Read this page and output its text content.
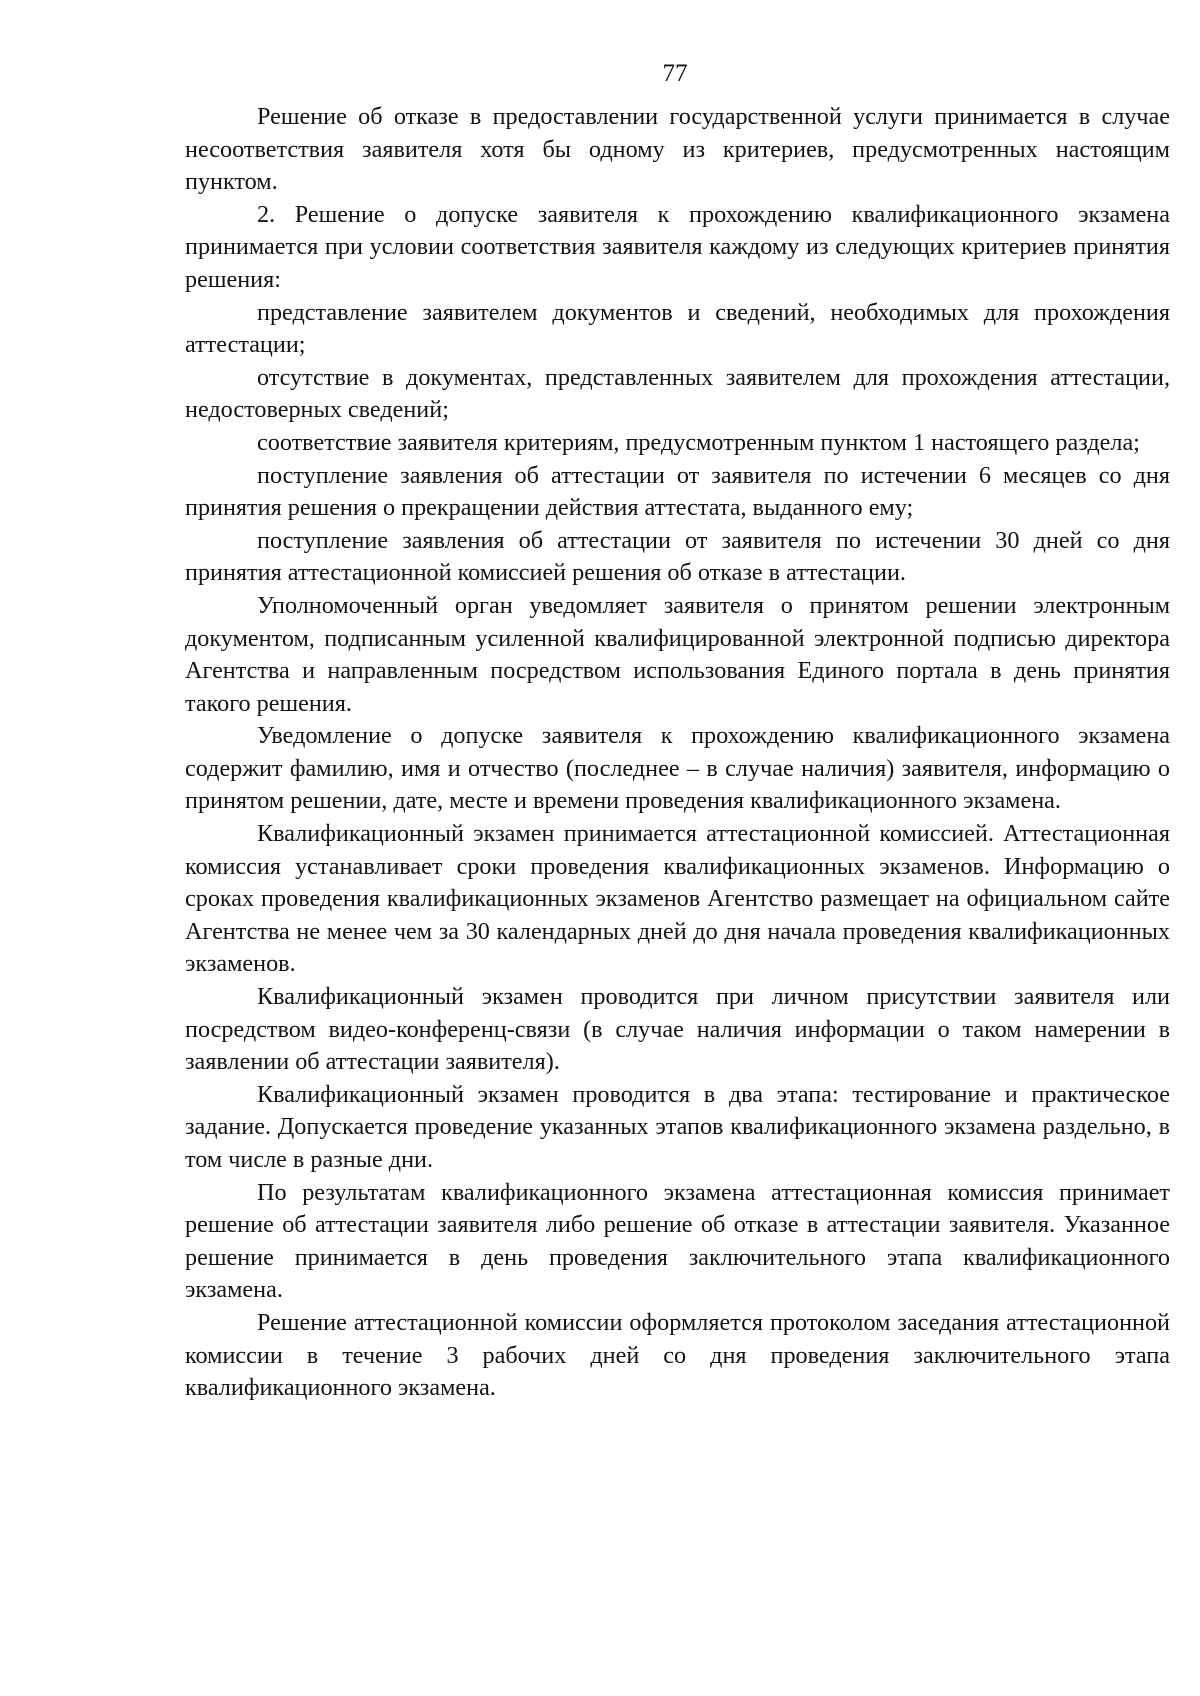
77

Решение об отказе в предоставлении государственной услуги принимается в случае несоответствия заявителя хотя бы одному из критериев, предусмотренных настоящим пунктом.

2. Решение о допуске заявителя к прохождению квалификационного экзамена принимается при условии соответствия заявителя каждому из следующих критериев принятия решения:

представление заявителем документов и сведений, необходимых для прохождения аттестации;

отсутствие в документах, представленных заявителем для прохождения аттестации, недостоверных сведений;

соответствие заявителя критериям, предусмотренным пунктом 1 настоящего раздела;

поступление заявления об аттестации от заявителя по истечении 6 месяцев со дня принятия решения о прекращении действия аттестата, выданного ему;

поступление заявления об аттестации от заявителя по истечении 30 дней со дня принятия аттестационной комиссией решения об отказе в аттестации.

Уполномоченный орган уведомляет заявителя о принятом решении электронным документом, подписанным усиленной квалифицированной электронной подписью директора Агентства и направленным посредством использования Единого портала в день принятия такого решения.

Уведомление о допуске заявителя к прохождению квалификационного экзамена содержит фамилию, имя и отчество (последнее – в случае наличия) заявителя, информацию о принятом решении, дате, месте и времени проведения квалификационного экзамена.

Квалификационный экзамен принимается аттестационной комиссией. Аттестационная комиссия устанавливает сроки проведения квалификационных экзаменов. Информацию о сроках проведения квалификационных экзаменов Агентство размещает на официальном сайте Агентства не менее чем за 30 календарных дней до дня начала проведения квалификационных экзаменов.

Квалификационный экзамен проводится при личном присутствии заявителя или посредством видео-конференц-связи (в случае наличия информации о таком намерении в заявлении об аттестации заявителя).

Квалификационный экзамен проводится в два этапа: тестирование и практическое задание. Допускается проведение указанных этапов квалификационного экзамена раздельно, в том числе в разные дни.

По результатам квалификационного экзамена аттестационная комиссия принимает решение об аттестации заявителя либо решение об отказе в аттестации заявителя. Указанное решение принимается в день проведения заключительного этапа квалификационного экзамена.

Решение аттестационной комиссии оформляется протоколом заседания аттестационной комиссии в течение 3 рабочих дней со дня проведения заключительного этапа квалификационного экзамена.
